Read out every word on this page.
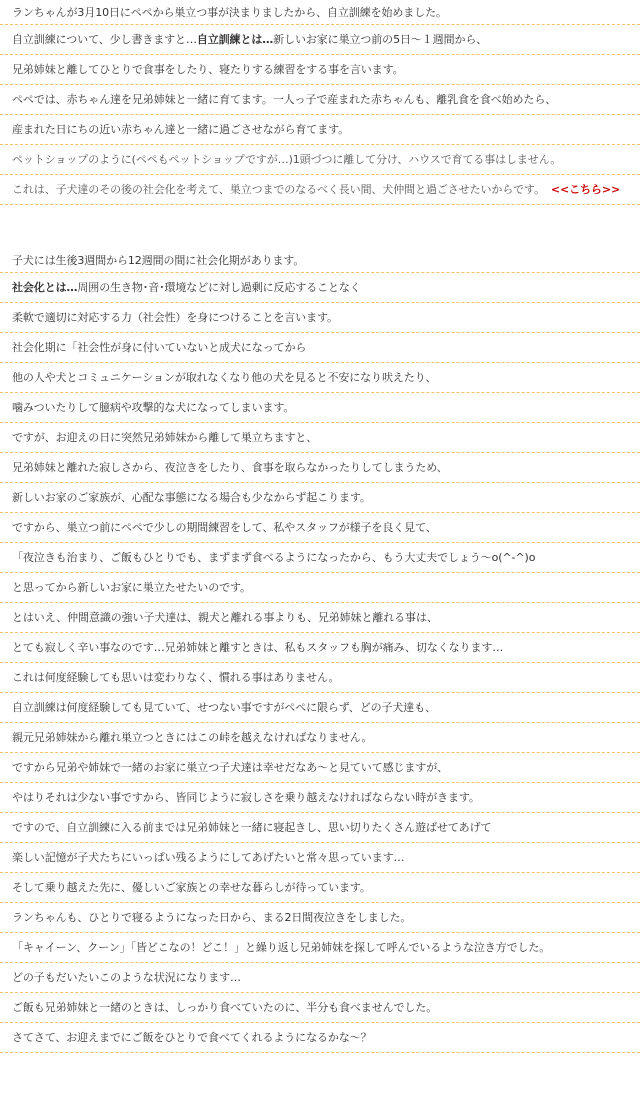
ランちゃんが3月10日にペペから巣立つ事が決まりましたから、自立訓練を始めました。
自立訓練について、少し書きますと… 自立訓練とは… 新しいお家に巣立つ前の5日～１週間から、
兄弟姉妹と離してひとりで食事をしたり、寝たりする練習をする事を言います。
ペペでは、赤ちゃん達を兄弟姉妹と一緒に育てます。一人っ子で産まれた赤ちゃんも、離乳食を食べ始めたら、
産まれた日にちの近い赤ちゃん達と一緒に過ごさせながら育てます。
ペットショップのように(ペペもペットショップですが…)1頭づつに離して分け、ハウスで育てる事はしません。
これは、子犬達のその後の社会化を考えて、巣立つまでのなるべく長い間、犬仲間と過ごさせたいからです。 <<こちら>>
子犬には生後3週間から12週間の間に社会化期があります。
社会化とは… 周囲の生き物･音･環境などに対し過剰に反応することなく
柔軟で適切に対応する力（社会性）を身につけることを言います。
社会化期に「社会性が身に付いていないと成犬になってから
他の人や犬とコミュニケーションが取れなくなり他の犬を見ると不安になり吠えたり、
噛みついたりして臆病や攻撃的な犬になってしまいます。
ですが、お迎えの日に突然兄弟姉妹から離して巣立ちますと、
兄弟姉妹と離れた寂しさから、夜泣きをしたり、食事を取らなかったりしてしまうため、
新しいお家のご家族が、心配な事態になる場合も少なからず起こります。
ですから、巣立つ前にペペで少しの期間練習をして、私やスタッフが様子を良く見て、
「夜泣きも治まり、ご飯もひとりでも、まずまず食べるようになったから、もう大丈夫でしょう～o(^-^)o
と思ってから新しいお家に巣立たせたいのです。
とはいえ、仲間意識の強い子犬達は、親犬と離れる事よりも、兄弟姉妹と離れる事は、
とても寂しく辛い事なのです…兄弟姉妹と離すときは、私もスタッフも胸が痛み、切なくなります…
これは何度経験しても思いは変わりなく、慣れる事はありません。
自立訓練は何度経験しても見ていて、せつない事ですがペペに限らず、どの子犬達も、
親元兄弟姉妹から離れ巣立つときにはこの峠を越えなければなりません。
ですから兄弟や姉妹で一緒のお家に巣立つ子犬達は幸せだなあ～と見ていて感じますが、
やはりそれは少ない事ですから、皆同じように寂しさを乗り越えなければならない時がきます。
ですので、自立訓練に入る前までは兄弟姉妹と一緒に寝起きし、思い切りたくさん遊ばせてあげて
楽しい記憶が子犬たちにいっぱい残るようにしてあげたいと常々思っています…
そして乗り越えた先に、優しいご家族との幸せな暮らしが待っています。
ランちゃんも、ひとりで寝るようになった日から、まる2日間夜泣きをしました。
「キャイーン、クーン」「皆どこなの！どこ！」と繰り返し兄弟姉妹を探して呼んでいるような泣き方でした。
どの子もだいたいこのような状況になります…
ご飯も兄弟姉妹と一緒のときは、しっかり食べていたのに、半分も食べませんでした。
さてさて、お迎えまでにご飯をひとりで食べてくれるようになるかな～？
